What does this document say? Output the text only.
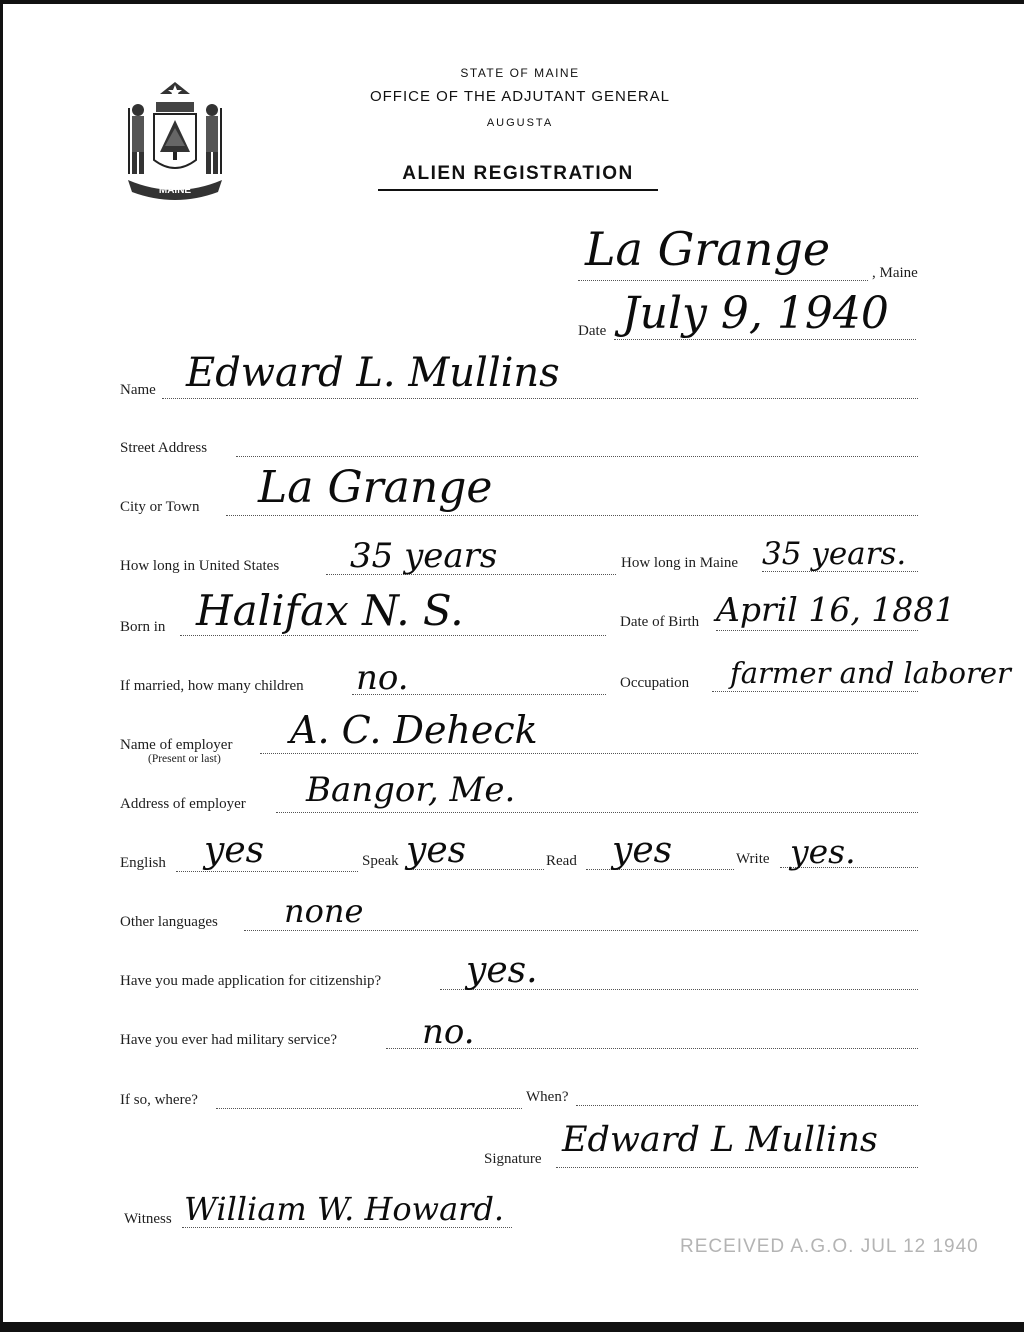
MAINE
STATE OF MAINE
OFFICE OF THE ADJUTANT GENERAL
AUGUSTA
ALIEN REGISTRATION
La Grange	, Maine
Date July 9, 1940
Name Edward L. Mullins
Street Address
City or Town La Grange
How long in United States 35 years	How long in Maine 35 years.
Born in Halifax N. S.	Date of Birth April 16, 1881
If married, how many children no.	Occupation farmer and laborer
Name of employer
(Present or last)
A. C. Deheck
Address of employer Bangor, Me.
English yes	Speak yes	Read yes	Write yes.
Other languages none
Have you made application for citizenship? yes.
Have you ever had military service?	no.
If so, where?	When?
Signature Edward L Mullins
Witness William W. Howard.
RECEIVED A.G.O. JUL 12 1940
